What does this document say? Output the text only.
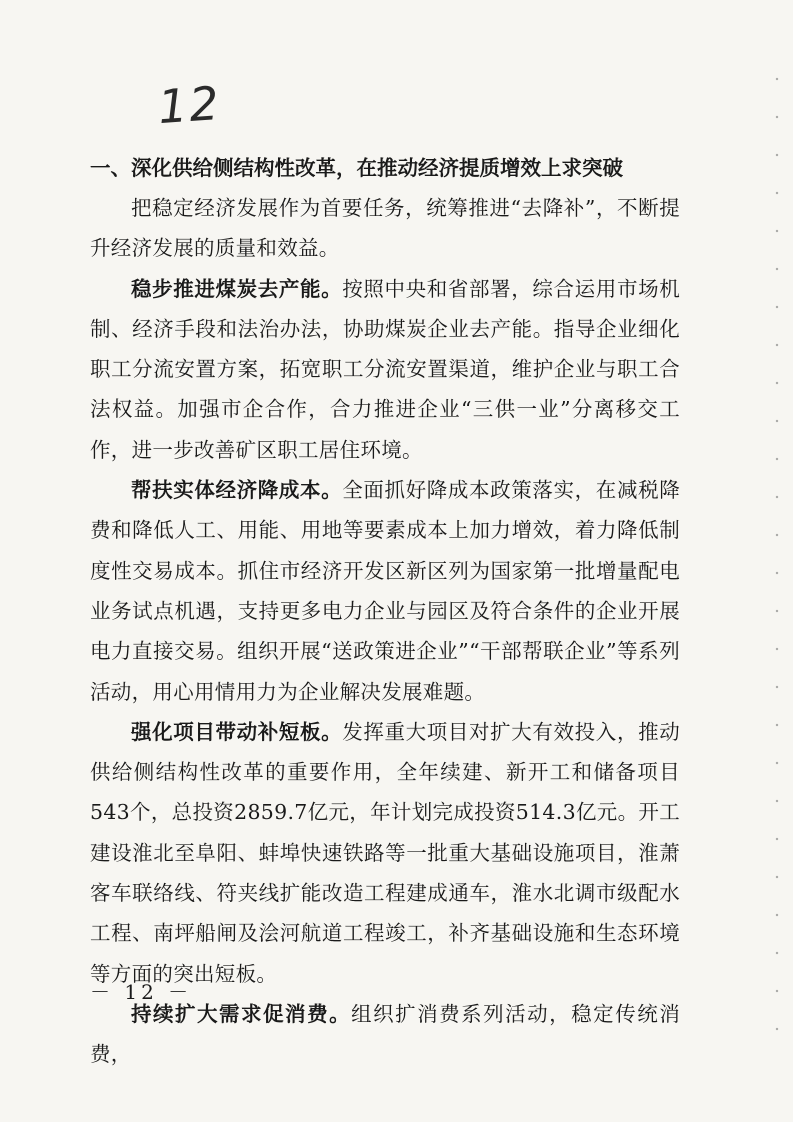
12

一、深化供给侧结构性改革，在推动经济提质增效上求突破

把稳定经济发展作为首要任务，统筹推进“去降补”，不断提升经济发展的质量和效益。

稳步推进煤炭去产能。按照中央和省部署，综合运用市场机制、经济手段和法治办法，协助煤炭企业去产能。指导企业细化职工分流安置方案，拓宽职工分流安置渠道，维护企业与职工合法权益。加强市企合作，合力推进企业“三供一业”分离移交工作，进一步改善矿区职工居住环境。

帮扶实体经济降成本。全面抓好降成本政策落实，在减税降费和降低人工、用能、用地等要素成本上加力增效，着力降低制度性交易成本。抓住市经济开发区新区列为国家第一批增量配电业务试点机遇，支持更多电力企业与园区及符合条件的企业开展电力直接交易。组织开展“送政策进企业”“干部帮联企业”等系列活动，用心用情用力为企业解决发展难题。

强化项目带动补短板。发挥重大项目对扩大有效投入，推动供给侧结构性改革的重要作用，全年续建、新开工和储备项目543个，总投资2859.7亿元，年计划完成投资514.3亿元。开工建设淮北至阜阳、蚌埠快速铁路等一批重大基础设施项目，淮萧客车联络线、符夹线扩能改造工程建成通车，淮水北调市级配水工程、南坪船闸及浍河航道工程竣工，补齐基础设施和生态环境等方面的突出短板。

持续扩大需求促消费。组织扩消费系列活动，稳定传统消费，

－ 12 －
